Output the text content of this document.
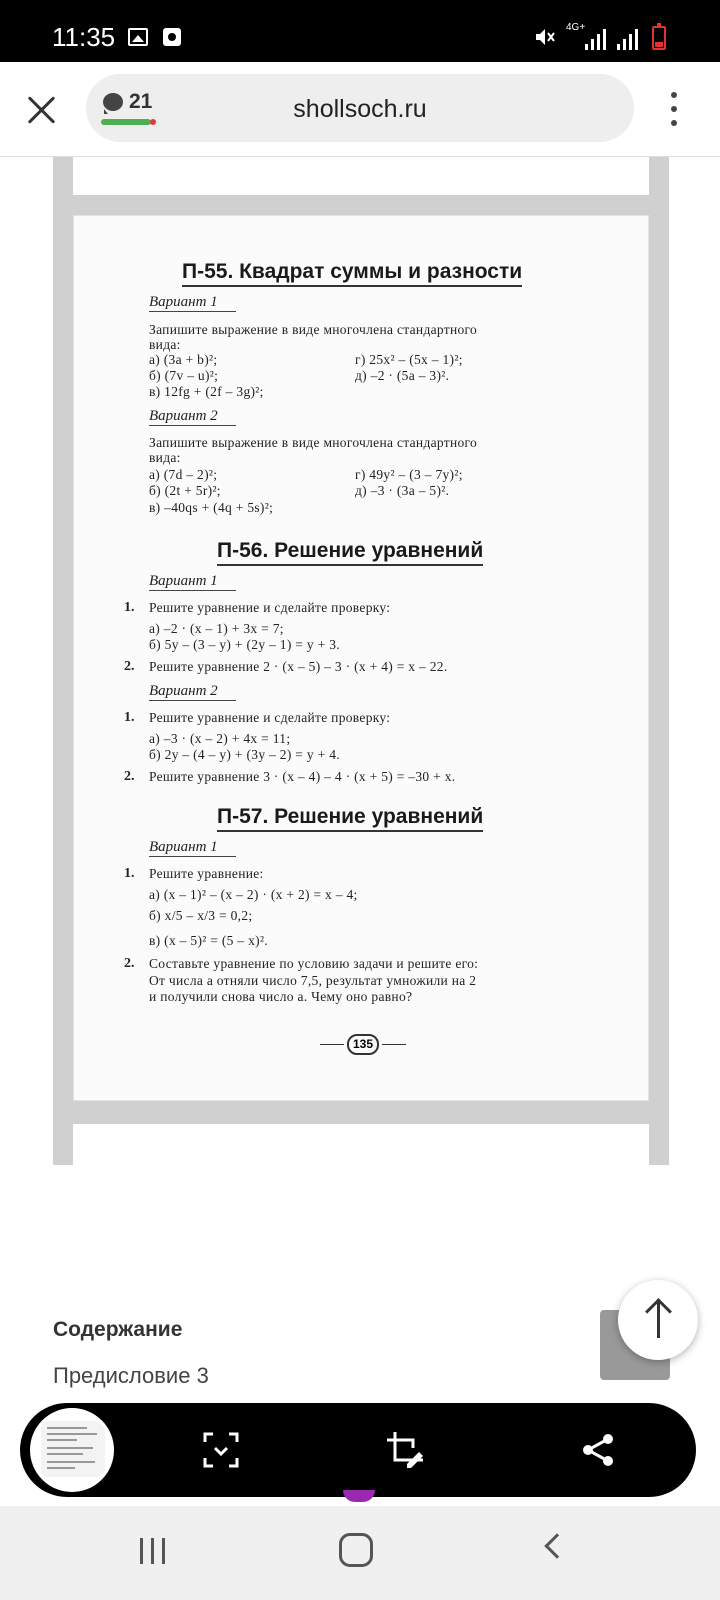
11:35	4G+
21	shollsoch.ru
П-55. Квадрат суммы и разности
Вариант 1
Запишите выражение в виде многочлена стандартного
вида:
а) (3a + b)²;	г) 25x² – (5x – 1)²;
б) (7v – u)²;	д) –2 · (5a – 3)².
в) 12fg + (2f – 3g)²;
Вариант 2
Запишите выражение в виде многочлена стандартного
вида:
а) (7d – 2)²;	г) 49y² – (3 – 7y)²;
б) (2t + 5r)²;	д) –3 · (3a – 5)².
в) –40qs + (4q + 5s)²;
П-56. Решение уравнений
Вариант 1
1. Решите уравнение и сделайте проверку:
а) –2 · (x – 1) + 3x = 7;
б) 5y – (3 – y) + (2y – 1) = y + 3.
2. Решите уравнение 2 · (x – 5) – 3 · (x + 4) = x – 22.
Вариант 2
1. Решите уравнение и сделайте проверку:
а) –3 · (x – 2) + 4x = 11;
б) 2y – (4 – y) + (3y – 2) = y + 4.
2. Решите уравнение 3 · (x – 4) – 4 · (x + 5) = –30 + x.
П-57. Решение уравнений
Вариант 1
1. Решите уравнение:
а) (x – 1)² – (x – 2) · (x + 2) = x – 4;
б) x/5 – x/3 = 0,2;
в) (x – 5)² = (5 – x)².
2. Составьте уравнение по условию задачи и решите его:
От числа a отняли число 7,5, результат умножили на 2
и получили снова число a. Чему оно равно?
135
Содержание
Предисловие 3
